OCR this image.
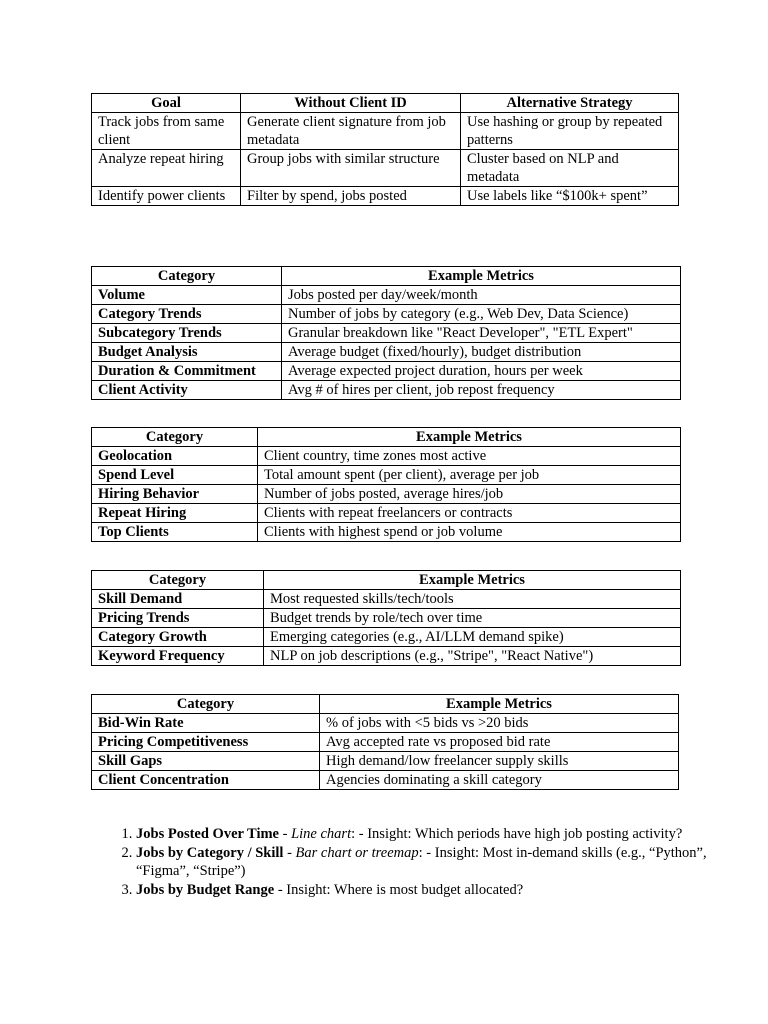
Goal	Without Client ID	Alternative Strategy
Track jobs from same client	Generate client signature from job metadata	Use hashing or group by repeated patterns
Analyze repeat hiring	Group jobs with similar structure	Cluster based on NLP and metadata
Identify power clients	Filter by spend, jobs posted	Use labels like “$100k+ spent”
Category	Example Metrics
Volume	Jobs posted per day/week/month
Category Trends	Number of jobs by category (e.g., Web Dev, Data Science)
Subcategory Trends	Granular breakdown like "React Developer", "ETL Expert"
Budget Analysis	Average budget (fixed/hourly), budget distribution
Duration & Commitment	Average expected project duration, hours per week
Client Activity	Avg # of hires per client, job repost frequency
Category	Example Metrics
Geolocation	Client country, time zones most active
Spend Level	Total amount spent (per client), average per job
Hiring Behavior	Number of jobs posted, average hires/job
Repeat Hiring	Clients with repeat freelancers or contracts
Top Clients	Clients with highest spend or job volume
Category	Example Metrics
Skill Demand	Most requested skills/tech/tools
Pricing Trends	Budget trends by role/tech over time
Category Growth	Emerging categories (e.g., AI/LLM demand spike)
Keyword Frequency	NLP on job descriptions (e.g., "Stripe", "React Native")
Category	Example Metrics
Bid-Win Rate	% of jobs with <5 bids vs >20 bids
Pricing Competitiveness	Avg accepted rate vs proposed bid rate
Skill Gaps	High demand/low freelancer supply skills
Client Concentration	Agencies dominating a skill category
1. Jobs Posted Over Time - Line chart: - Insight: Which periods have high job posting activity?
2. Jobs by Category / Skill - Bar chart or treemap: - Insight: Most in-demand skills (e.g., “Python”, “Figma”, “Stripe”)
3. Jobs by Budget Range - Insight: Where is most budget allocated?
